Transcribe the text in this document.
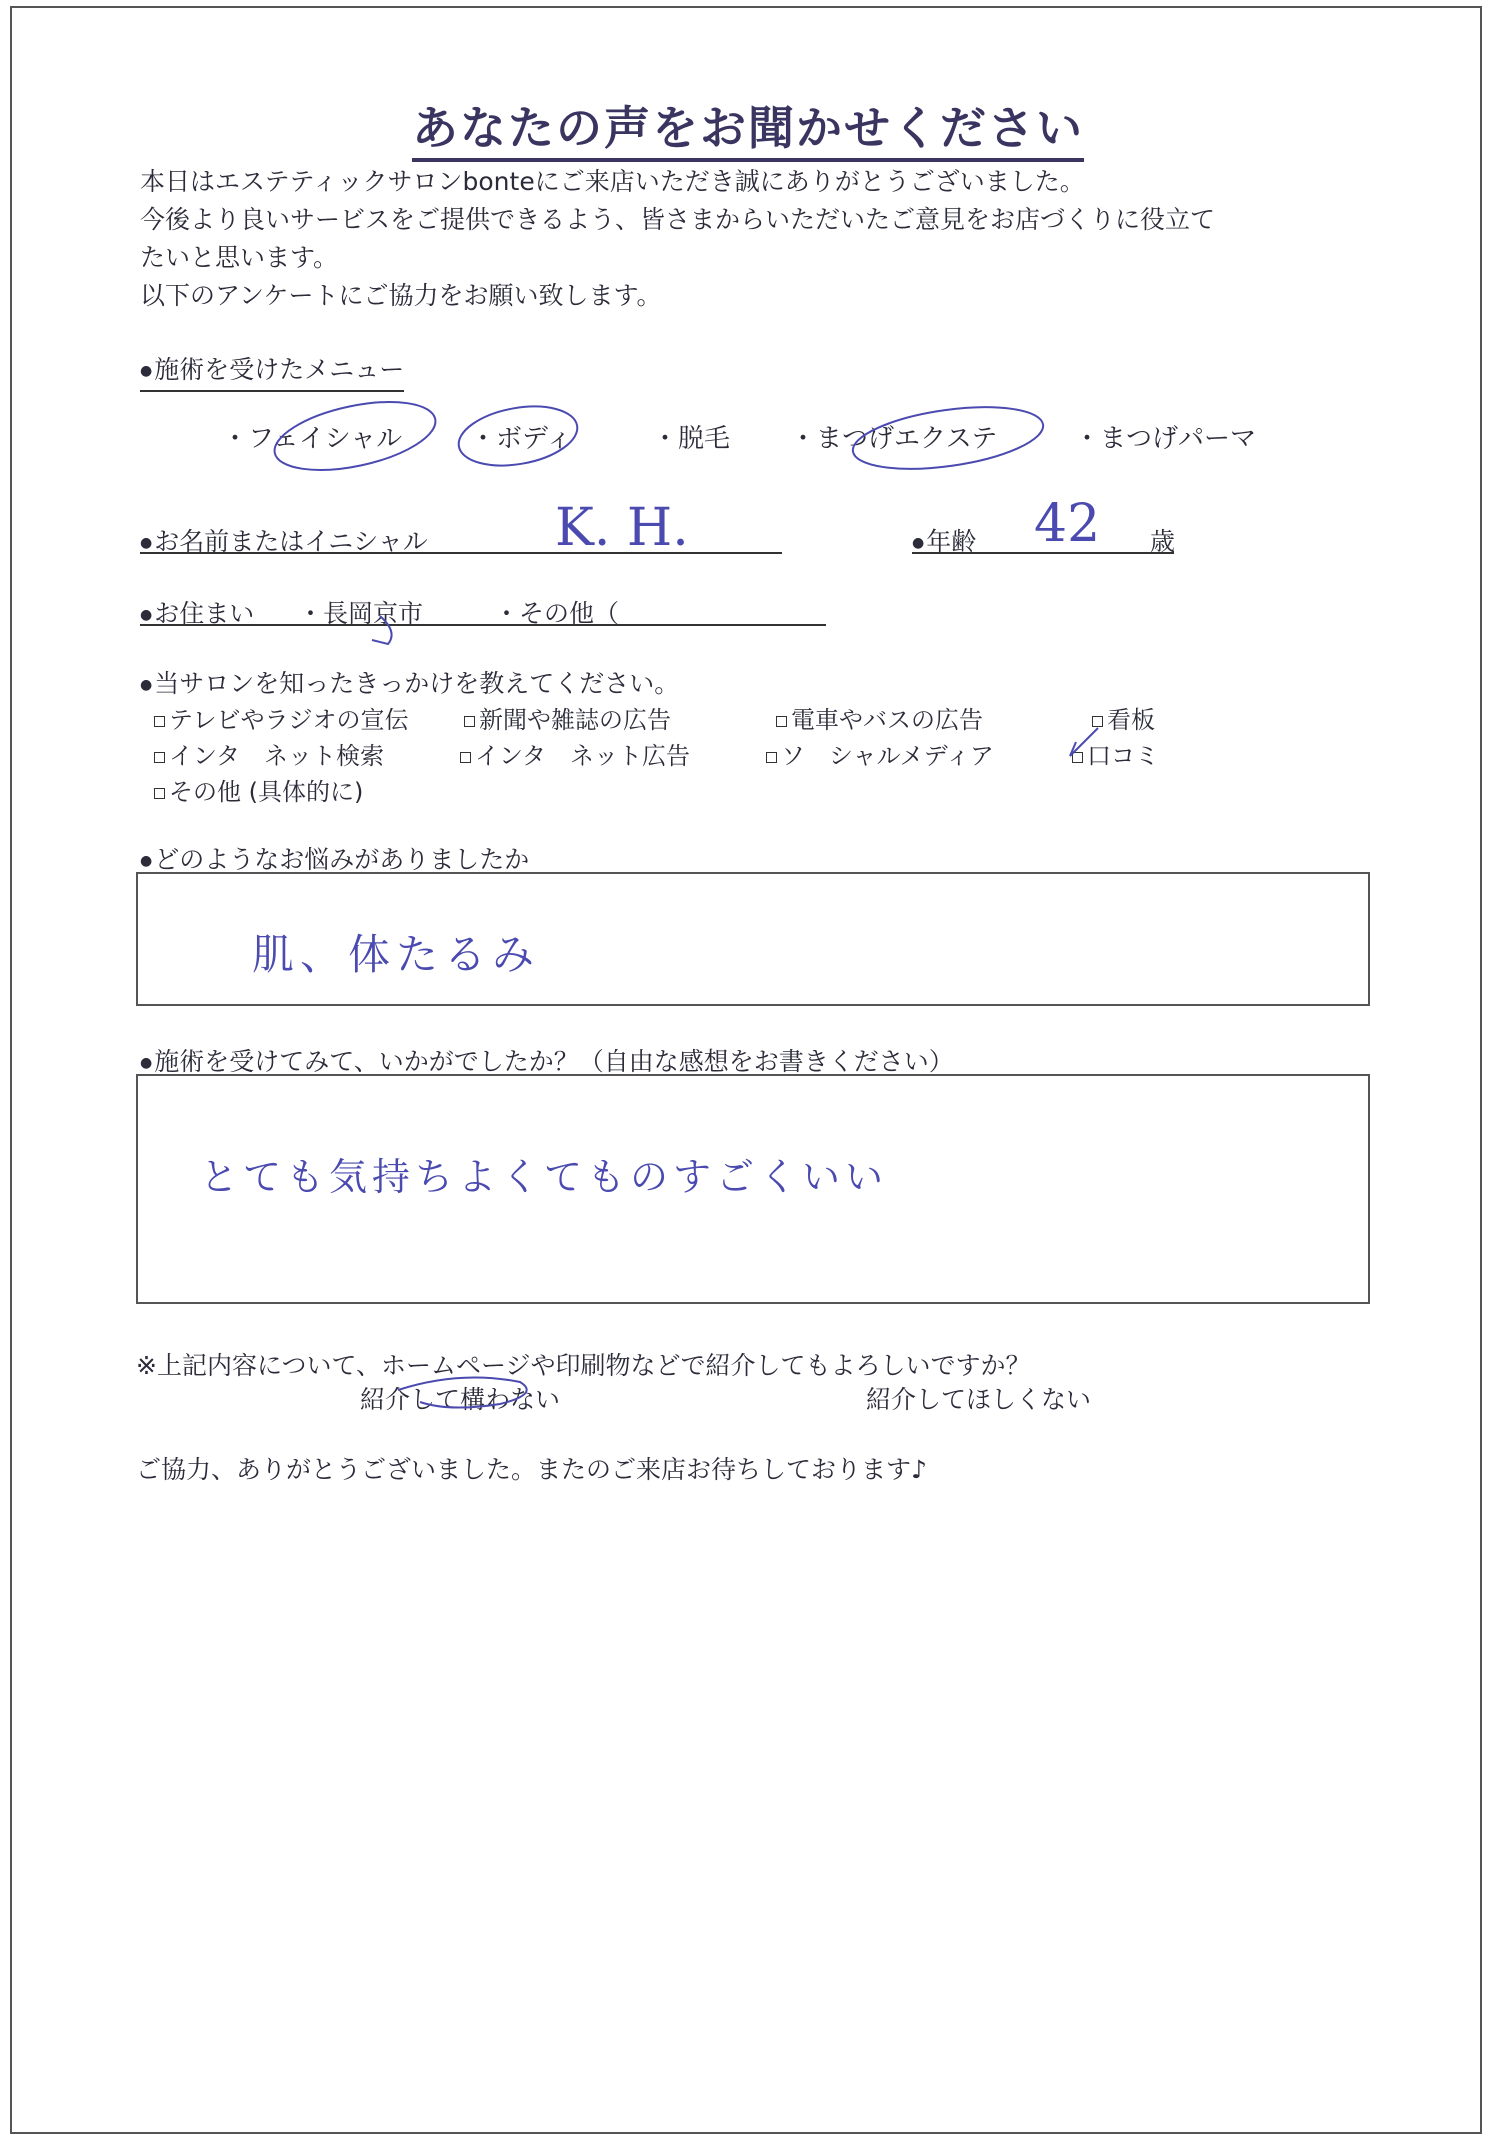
あなたの声をお聞かせください
本日はエステティックサロンbonteにご来店いただき誠にありがとうございました。
今後より良いサービスをご提供できるよう、皆さまからいただいたご意見をお店づくりに役立て
たいと思います。
以下のアンケートにご協力をお願い致します。
● 施術を受けたメニュー
・フェイシャル	・ボディ	・脱毛 ・まつげエクステ	・まつげパーマ
● お名前またはイニシャル K. H.
●	年齢 42 歳
● お住まい ・長岡京市	・その他（
● 当サロンを知ったきっかけを教えてください。
テレビやラジオの宣伝	新聞や雑誌の広告	電車やバスの広告	看板
インタ　ネット検索	インタ　ネット広告	ソ　シャルメディア	口コミ
その他 (具体的に)
● どのようなお悩みがありましたか
肌、体たるみ
● 施術を受けてみて、いかがでしたか？（自由な感想をお書きください）
とても気持ちよくてものすごくいい
※上記内容について、ホームページや印刷物などで紹介してもよろしいですか？
紹介して構わない	紹介してほしくない
ご協力、ありがとうございました。またのご来店お待ちしております♪
